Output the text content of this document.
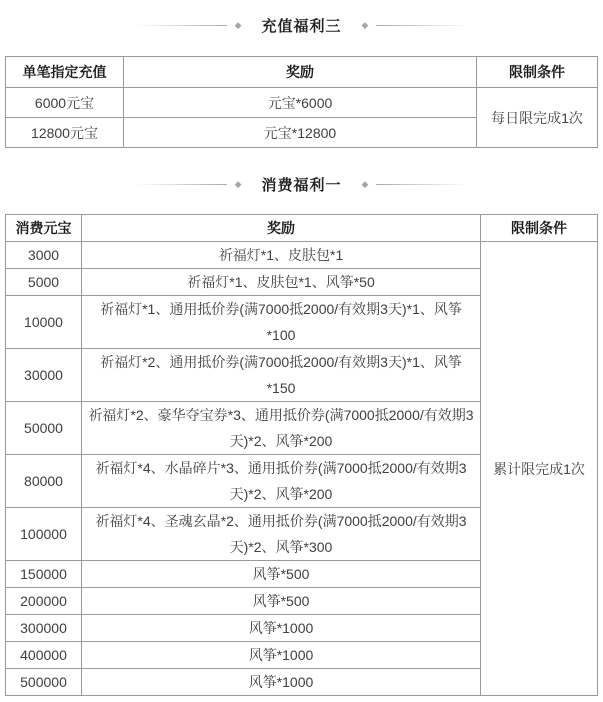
◆ 充值福利三 ◆
单笔指定充值	奖励	限制条件
6000元宝	元宝*6000	每日限完成1次
12800元宝	元宝*12800	
◆ 消费福利一 ◆
消费元宝	奖励	限制条件
3000	祈福灯*1、皮肤包*1	累计限完成1次
5000	祈福灯*1、皮肤包*1、风筝*50	
10000	祈福灯*1、通用抵价券(满7000抵2000/有效期3天)*1、风筝*100	
30000	祈福灯*2、通用抵价券(满7000抵2000/有效期3天)*1、风筝*150	
50000	祈福灯*2、豪华夺宝券*3、通用抵价券(满7000抵2000/有效期3天)*2、风筝*200	
80000	祈福灯*4、水晶碎片*3、通用抵价券(满7000抵2000/有效期3天)*2、风筝*200	
100000	祈福灯*4、圣魂玄晶*2、通用抵价券(满7000抵2000/有效期3天)*2、风筝*300	
150000	风筝*500	
200000	风筝*500	
300000	风筝*1000	
400000	风筝*1000	
500000	风筝*1000	
